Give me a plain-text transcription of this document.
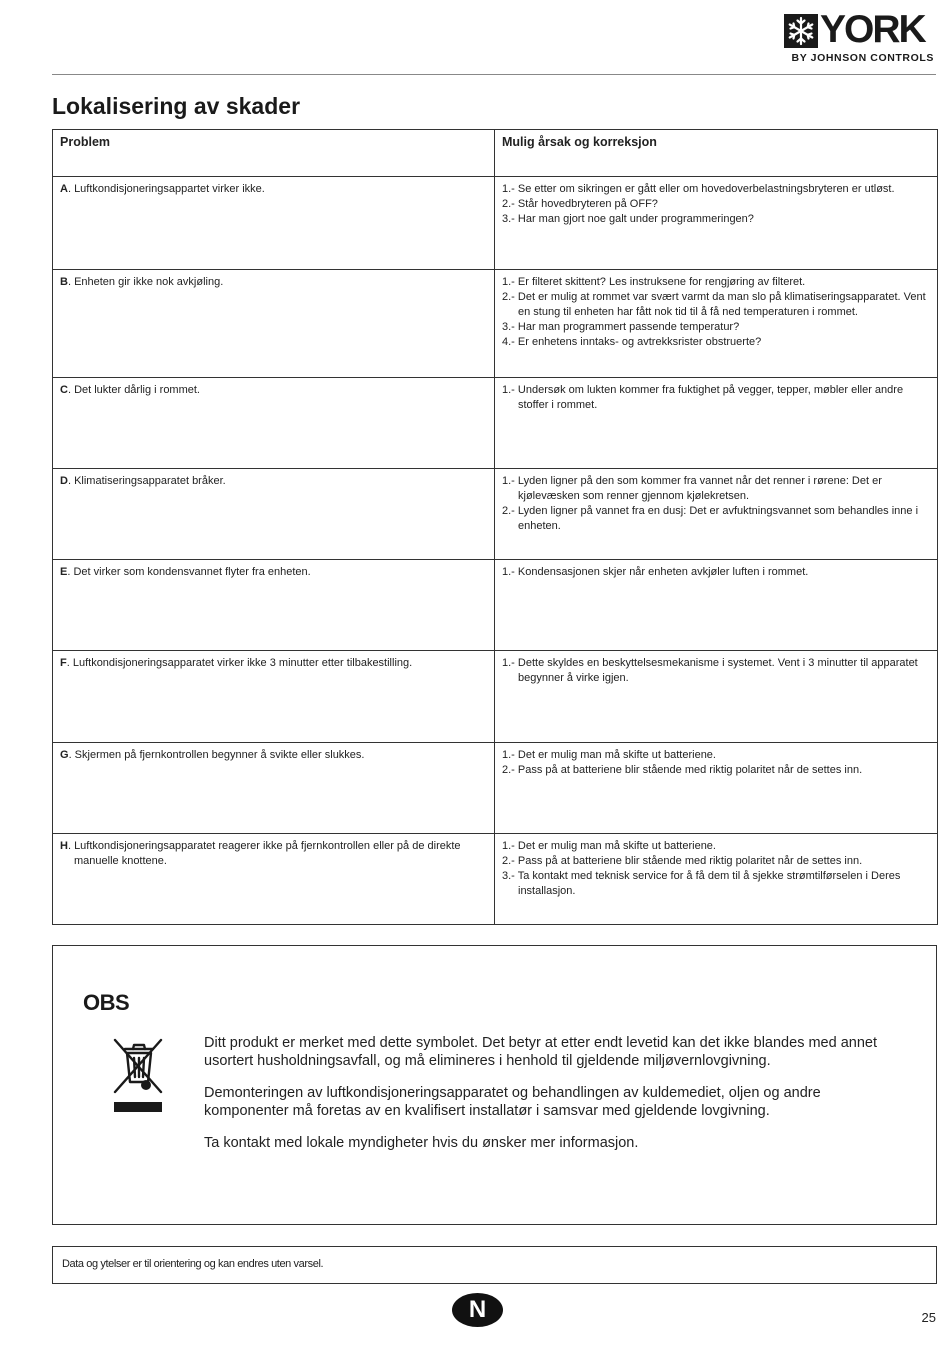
YORK
BY JOHNSON CONTROLS
Lokalisering av skader
Problem	Mulig årsak og korreksjon

A. Luftkondisjoneringsappartet virker ikke.	1.- Se etter om sikringen er gått eller om hovedoverbelastningsbryteren er utløst.
2.- Står hovedbryteren på OFF?
3.- Har man gjort noe galt under programmeringen?

B. Enheten gir ikke nok avkjøling.	1.- Er filteret skittent? Les instruksene for rengjøring av filteret.
2.- Det er mulig at rommet var svært varmt da man slo på klimatiseringsapparatet. Vent en stung til enheten har fått nok tid til å få ned temperaturen i rommet.
3.- Har man programmert passende temperatur?
4.- Er enhetens inntaks- og avtrekksrister obstruerte?

C. Det lukter dårlig i rommet.	1.- Undersøk om lukten kommer fra fuktighet på vegger, tepper, møbler eller andre stoffer i rommet.

D. Klimatiseringsapparatet bråker.	1.- Lyden ligner på den som kommer fra vannet når det renner i rørene: Det er kjølevæsken som renner gjennom kjølekretsen.
2.- Lyden ligner på vannet fra en dusj: Det er avfuktningsvannet som behandles inne i enheten.

E. Det virker som kondensvannet flyter fra enheten.	1.- Kondensasjonen skjer når enheten avkjøler luften i rommet.

F. Luftkondisjoneringsapparatet virker ikke 3 minutter etter tilbakestilling.	1.- Dette skyldes en beskyttelsesmekanisme i systemet. Vent i 3 minutter til apparatet begynner å virke igjen.

G. Skjermen på fjernkontrollen begynner å svikte eller slukkes.	1.- Det er mulig man må skifte ut batteriene.
2.- Pass på at batteriene blir stående med riktig polaritet når de settes inn.

H. Luftkondisjoneringsapparatet reagerer ikke på fjernkontrollen eller på de direkte manuelle knottene.	1.- Det er mulig man må skifte ut batteriene.
2.- Pass på at batteriene blir stående med riktig polaritet når de settes inn.
3.- Ta kontakt med teknisk service for å få dem til å sjekke strømtilførselen i Deres installasjon.
OBS

Ditt produkt er merket med dette symbolet. Det betyr at etter endt levetid kan det ikke blandes med annet usortert husholdningsavfall, og må elimineres i henhold til gjeldende miljøvernlovgivning.

Demonteringen av luftkondisjoneringsapparatet og behandlingen av kuldemediet, oljen og andre komponenter må foretas av en kvalifisert installatør i samsvar med gjeldende lovgivning.

Ta kontakt med lokale myndigheter hvis du ønsker mer informasjon.

Data og ytelser er til orientering og kan endres uten varsel.
N	25
